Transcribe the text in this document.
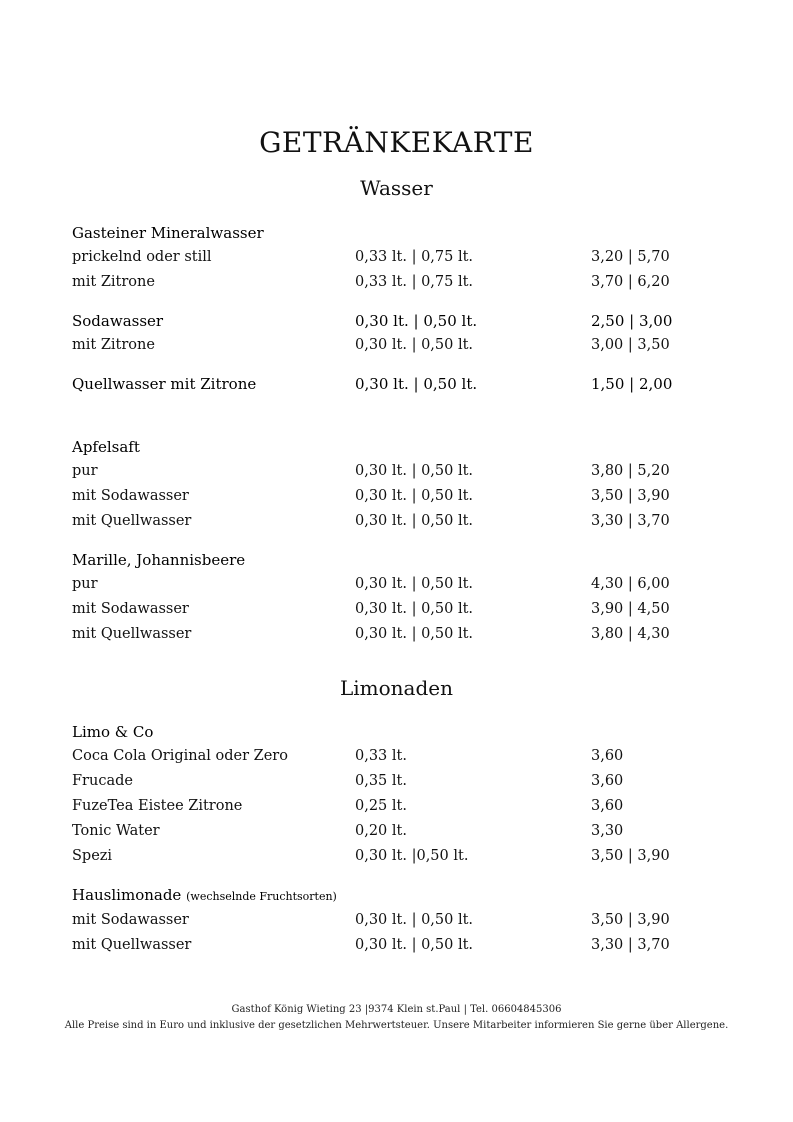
GETRÄNKEKARTE
Wasser
Gasteiner Mineralwasser
prickelnd oder still	0,33 lt. | 0,75 lt.	3,20 | 5,70
mit Zitrone	0,33 lt. | 0,75 lt.	3,70 | 6,20
Sodawasser	0,30 lt. | 0,50 lt.	2,50 | 3,00
mit Zitrone	0,30 lt. | 0,50 lt.	3,00 | 3,50
Quellwasser mit Zitrone	0,30 lt. | 0,50 lt.	1,50 | 2,00
Apfelsaft
pur	0,30 lt. | 0,50 lt.	3,80 | 5,20
mit Sodawasser	0,30 lt. | 0,50 lt.	3,50 | 3,90
mit Quellwasser	0,30 lt. | 0,50 lt.	3,30 | 3,70
Marille, Johannisbeere
pur	0,30 lt. | 0,50 lt.	4,30 | 6,00
mit Sodawasser	0,30 lt. | 0,50 lt.	3,90 | 4,50
mit Quellwasser	0,30 lt. | 0,50 lt.	3,80 | 4,30
Limonaden
Limo & Co
Coca Cola Original oder Zero	0,33 lt.	3,60
Frucade	0,35 lt.	3,60
FuzeTea Eistee Zitrone	0,25 lt.	3,60
Tonic Water	0,20 lt.	3,30
Spezi	0,30 lt. |0,50 lt.	3,50 | 3,90
Hauslimonade (wechselnde Fruchtsorten)
mit Sodawasser	0,30 lt. | 0,50 lt.	3,50 | 3,90
mit Quellwasser	0,30 lt. | 0,50 lt.	3,30 | 3,70
Gasthof König Wieting 23 |9374 Klein st.Paul | Tel. 06604845306
Alle Preise sind in Euro und inklusive der gesetzlichen Mehrwertsteuer. Unsere Mitarbeiter informieren Sie gerne über Allergene.
